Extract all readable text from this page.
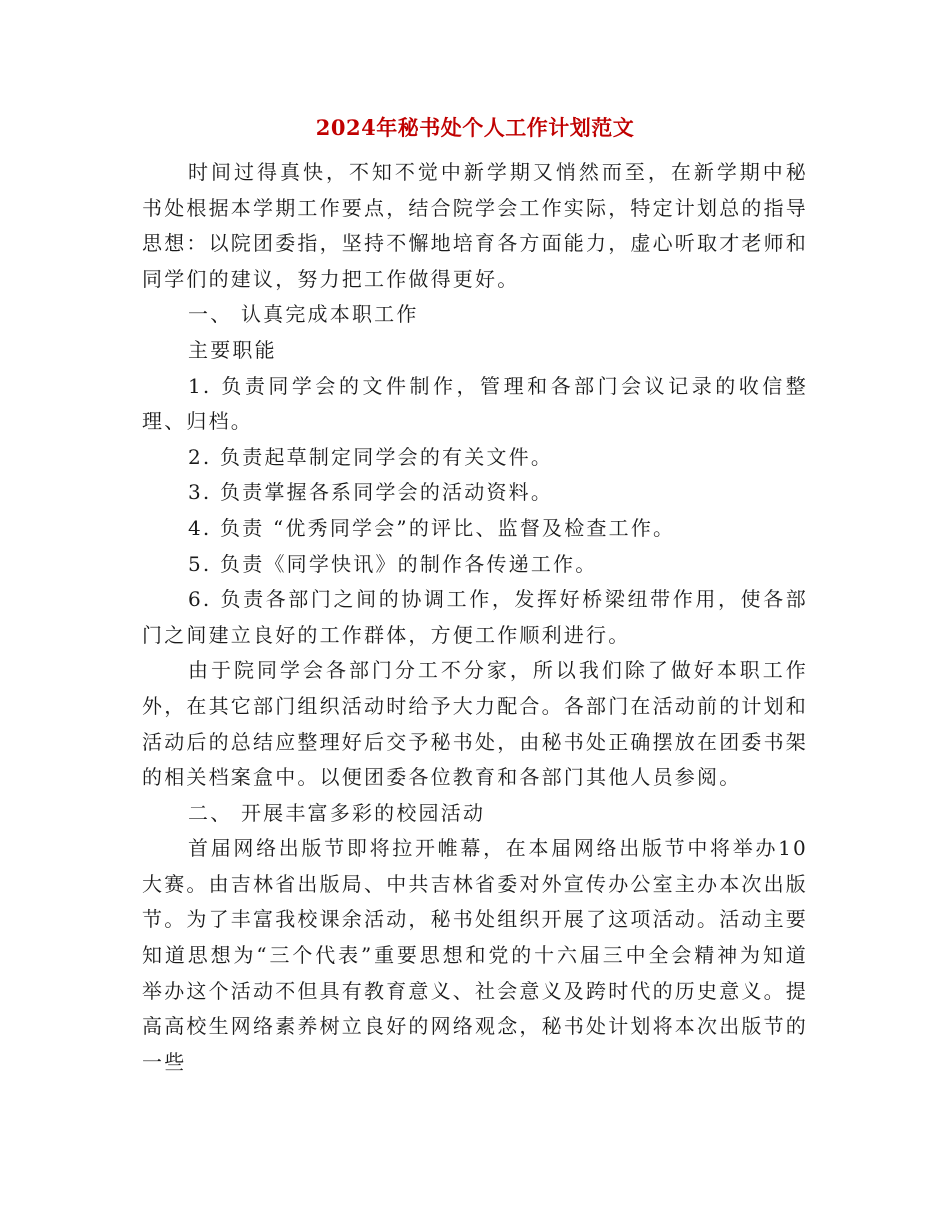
2024年秘书处个人工作计划范文

时间过得真快，不知不觉中新学期又悄然而至，在新学期中秘书处根据本学期工作要点，结合院学会工作实际，特定计划总的指导思想：以院团委指，坚持不懈地培育各方面能力，虚心听取才老师和同学们的建议，努力把工作做得更好。

一、 认真完成本职工作

主要职能

1. 负责同学会的文件制作，管理和各部门会议记录的收信整理、归档。

2. 负责起草制定同学会的有关文件。

3. 负责掌握各系同学会的活动资料。

4. 负责 “优秀同学会”的评比、监督及检查工作。

5. 负责《同学快讯》的制作各传递工作。

6. 负责各部门之间的协调工作，发挥好桥梁纽带作用，使各部门之间建立良好的工作群体，方便工作顺利进行。

由于院同学会各部门分工不分家，所以我们除了做好本职工作外，在其它部门组织活动时给予大力配合。各部门在活动前的计划和活动后的总结应整理好后交予秘书处，由秘书处正确摆放在团委书架的相关档案盒中。以便团委各位教育和各部门其他人员参阅。

二、 开展丰富多彩的校园活动

首届网络出版节即将拉开帷幕，在本届网络出版节中将举办10大赛。由吉林省出版局、中共吉林省委对外宣传办公室主办本次出版节。为了丰富我校课余活动，秘书处组织开展了这项活动。活动主要知道思想为“三个代表”重要思想和党的十六届三中全会精神为知道举办这个活动不但具有教育意义、社会意义及跨时代的历史意义。提高高校生网络素养树立良好的网络观念，秘书处计划将本次出版节的一些
